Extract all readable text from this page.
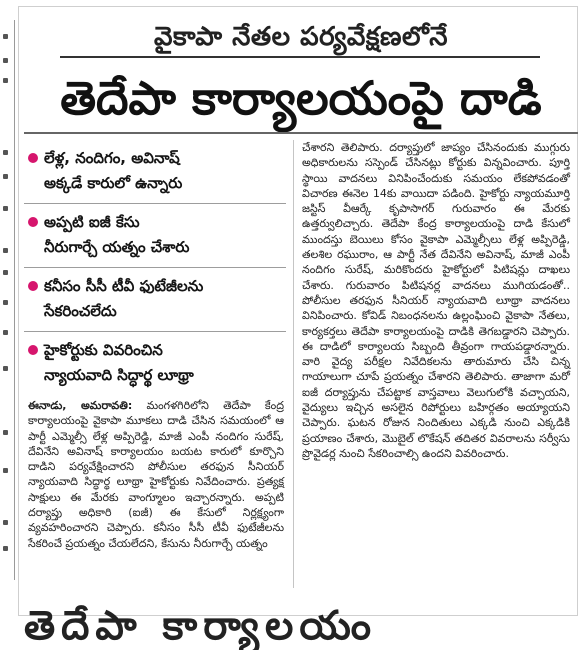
వైకాపా నేతల పర్యవేక్షణలోనే
తెదేపా కార్యాలయంపై దాడి
లేళ్ల, నందిగం, అవినాష్
అక్కడే కారులో ఉన్నారు
అప్పటి ఐజీ కేసు
నీరుగార్చే యత్నం చేశారు
కనీసం సీసీ టీవీ ఫుటేజీలను
సేకరించలేదు
హైకోర్టుకు వివరించిన
న్యాయవాది సిద్ధార్థ లూథ్రా
ఈనాడు, అమరావతి: మంగళగిరిలోని తెదేపా కేంద్ర కార్యాలయంపై వైకాపా మూకలు దాడి చేసిన సమయంలో ఆ పార్టీ ఎమ్మెల్సీ లేళ్ల అప్పిరెడ్డి, మాజీ ఎంపీ నందిగం సురేష్, దేవినేని అవినాష్ కార్యాలయం బయట కారులో కూర్చొని దాడిని పర్యవేక్షించారని పోలీసుల తరఫున సీనియర్ న్యాయవాది సిద్ధార్థ లూథ్రా హైకోర్టుకు నివేదించారు. ప్రత్యక్ష సాక్షులు ఈ మేరకు వాంగ్మూలం ఇచ్చారన్నారు. అప్పటి దర్యాప్తు అధికారి (ఐజీ) ఈ కేసులో నిర్లక్ష్యంగా వ్యవహరించారని చెప్పారు. కనీసం సీసీ టీవీ ఫుటేజీలను సేకరించే ప్రయత్నం చేయలేదని, కేసును నీరుగార్చే యత్నం
చేశారని తెలిపారు. దర్యాప్తులో జాప్యం చేసినందుకు ముగ్గురు అధికారులను సస్పెండ్ చేసినట్లు కోర్టుకు విన్నవించారు. పూర్తి స్థాయి వాదనలు వినిపించేందుకు సమయం లేకపోవడంతో విచారణ ఈనెల 14కు వాయిదా పడింది. హైకోర్టు న్యాయమూర్తి జస్టిస్ వీఆర్కే కృపాసాగర్ గురువారం ఈ మేరకు ఉత్తర్వులిచ్చారు. తెదేపా కేంద్ర కార్యాలయంపై దాడి కేసులో ముందస్తు బెయిలు కోసం వైకాపా ఎమ్మెల్సీలు లేళ్ల అప్పిరెడ్డి, తలశిల రఘురాం, ఆ పార్టీ నేత దేవినేని అవినాష్, మాజీ ఎంపీ నందిగం సురేష్, మరికొందరు హైకోర్టులో పిటిషన్లు దాఖలు చేశారు. గురువారం పిటిషనర్ల వాదనలు ముగియడంతో.. పోలీసుల తరఫున సీనియర్ న్యాయవాది లూథ్రా వాదనలు వినిపించారు. కోవిడ్ నిబంధనలను ఉల్లంఘించి వైకాపా నేతలు, కార్యకర్తలు తెదేపా కార్యాలయంపై దాడికి తెగబడ్డారని చెప్పారు. ఈ దాడిలో కార్యాలయ సిబ్బంది తీవ్రంగా గాయపడ్డారన్నారు. వారి వైద్య పరీక్షల నివేదికలను తారుమారు చేసి చిన్న గాయాలుగా చూపే ప్రయత్నం చేశారని తెలిపారు. తాజాగా మరో ఐజీ దర్యాప్తును చేపట్టాక వాస్తవాలు వెలుగులోకి వచ్చాయని, వైద్యులు ఇచ్చిన అసలైన రిపోర్టులు బహిర్గతం అయ్యాయని చెప్పారు. ఘటన రోజున నిందితులు ఎక్కడి నుంచి ఎక్కడికి ప్రయాణం చేశారు, మొబైల్ లొకేషన్ తదితర వివరాలను సర్వీసు ప్రొవైడర్ల నుంచి సేకరించాల్సి ఉందని వివరించారు.
తెదేపా కార్యాలయం
